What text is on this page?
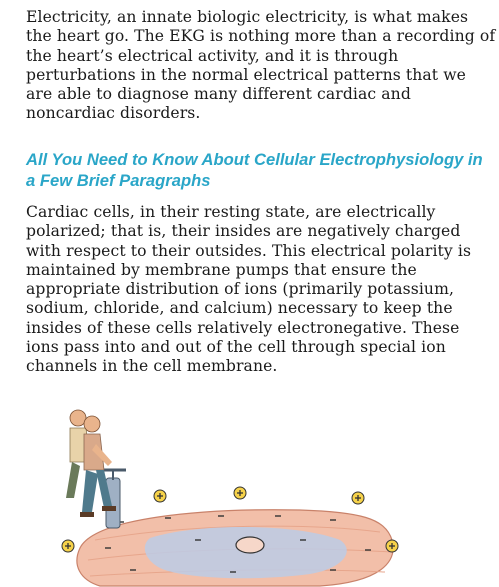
Electricity, an innate biologic electricity, is what makes the heart go. The EKG is nothing more than a recording of the heart’s electrical activity, and it is through perturbations in the normal electrical patterns that we are able to diagnose many different cardiac and noncardiac disorders.

All You Need to Know About Cellular Electrophysiology in a Few Brief Paragraphs

Cardiac cells, in their resting state, are electrically polarized; that is, their insides are negatively charged with respect to their outsides. This electrical polarity is maintained by membrane pumps that ensure the appropriate distribution of ions (primarily potassium, sodium, chloride, and calcium) necessary to keep the insides of these cells relatively electronegative. These ions pass into and out of the cell through special ion channels in the cell membrane.
